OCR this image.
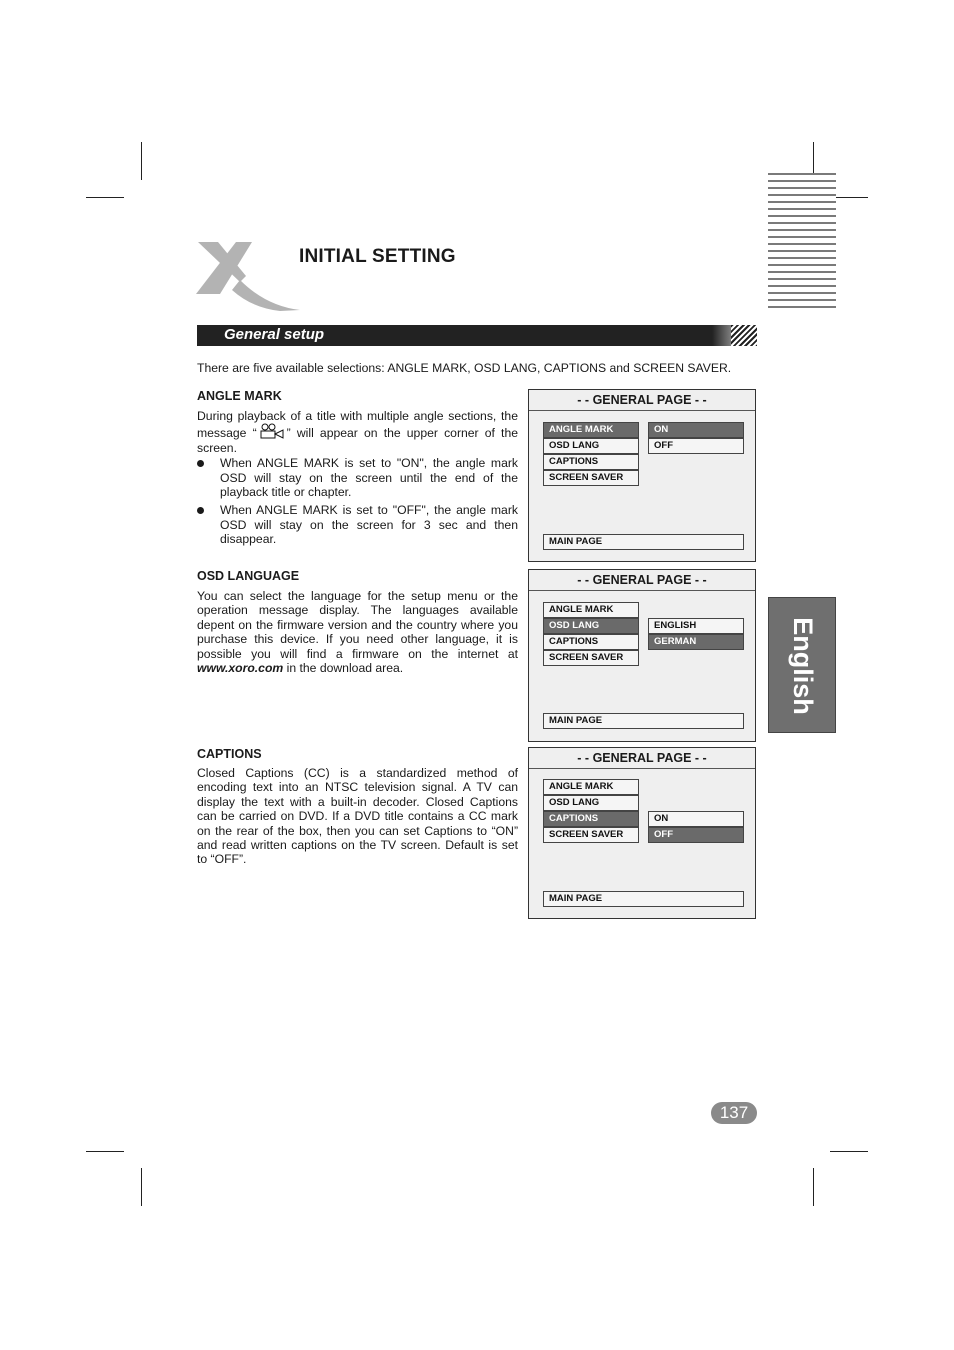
INITIAL SETTING
General setup
There are five available selections: ANGLE MARK, OSD LANG, CAPTIONS and SCREEN SAVER.
ANGLE MARK
During playback of a title with multiple angle sections, the message “ ” will appear on the upper corner of the screen.
When ANGLE MARK is set to "ON", the angle mark OSD will stay on the screen until the end of the playback title or chapter.
When ANGLE MARK is set to "OFF", the angle mark OSD will stay on the screen for 3 sec and then disappear.
OSD LANGUAGE
You can select the language for the setup menu or the operation message display. The languages available depent on the firmware version and the country where you purchase this device. If you need other language, it is possible you will find a firmware on the internet at www.xoro.com in the download area.
CAPTIONS
Closed Captions (CC) is a standardized method of encoding text into an NTSC television signal. A TV can display the text with a built-in decoder. Closed Captions can be carried on DVD. If a DVD title contains a CC mark on the rear of the box, then you can set Captions to “ON” and read written captions on the TV screen. Default is set to “OFF”.
- - GENERAL PAGE - -
ANGLE MARK
OSD LANG
CAPTIONS
SCREEN SAVER
ON
OFF
MAIN PAGE
- - GENERAL PAGE - -
ANGLE MARK
OSD LANG
CAPTIONS
SCREEN SAVER
ENGLISH
GERMAN
MAIN PAGE
- - GENERAL PAGE - -
ANGLE MARK
OSD LANG
CAPTIONS
SCREEN SAVER
ON
OFF
MAIN PAGE
English
137
